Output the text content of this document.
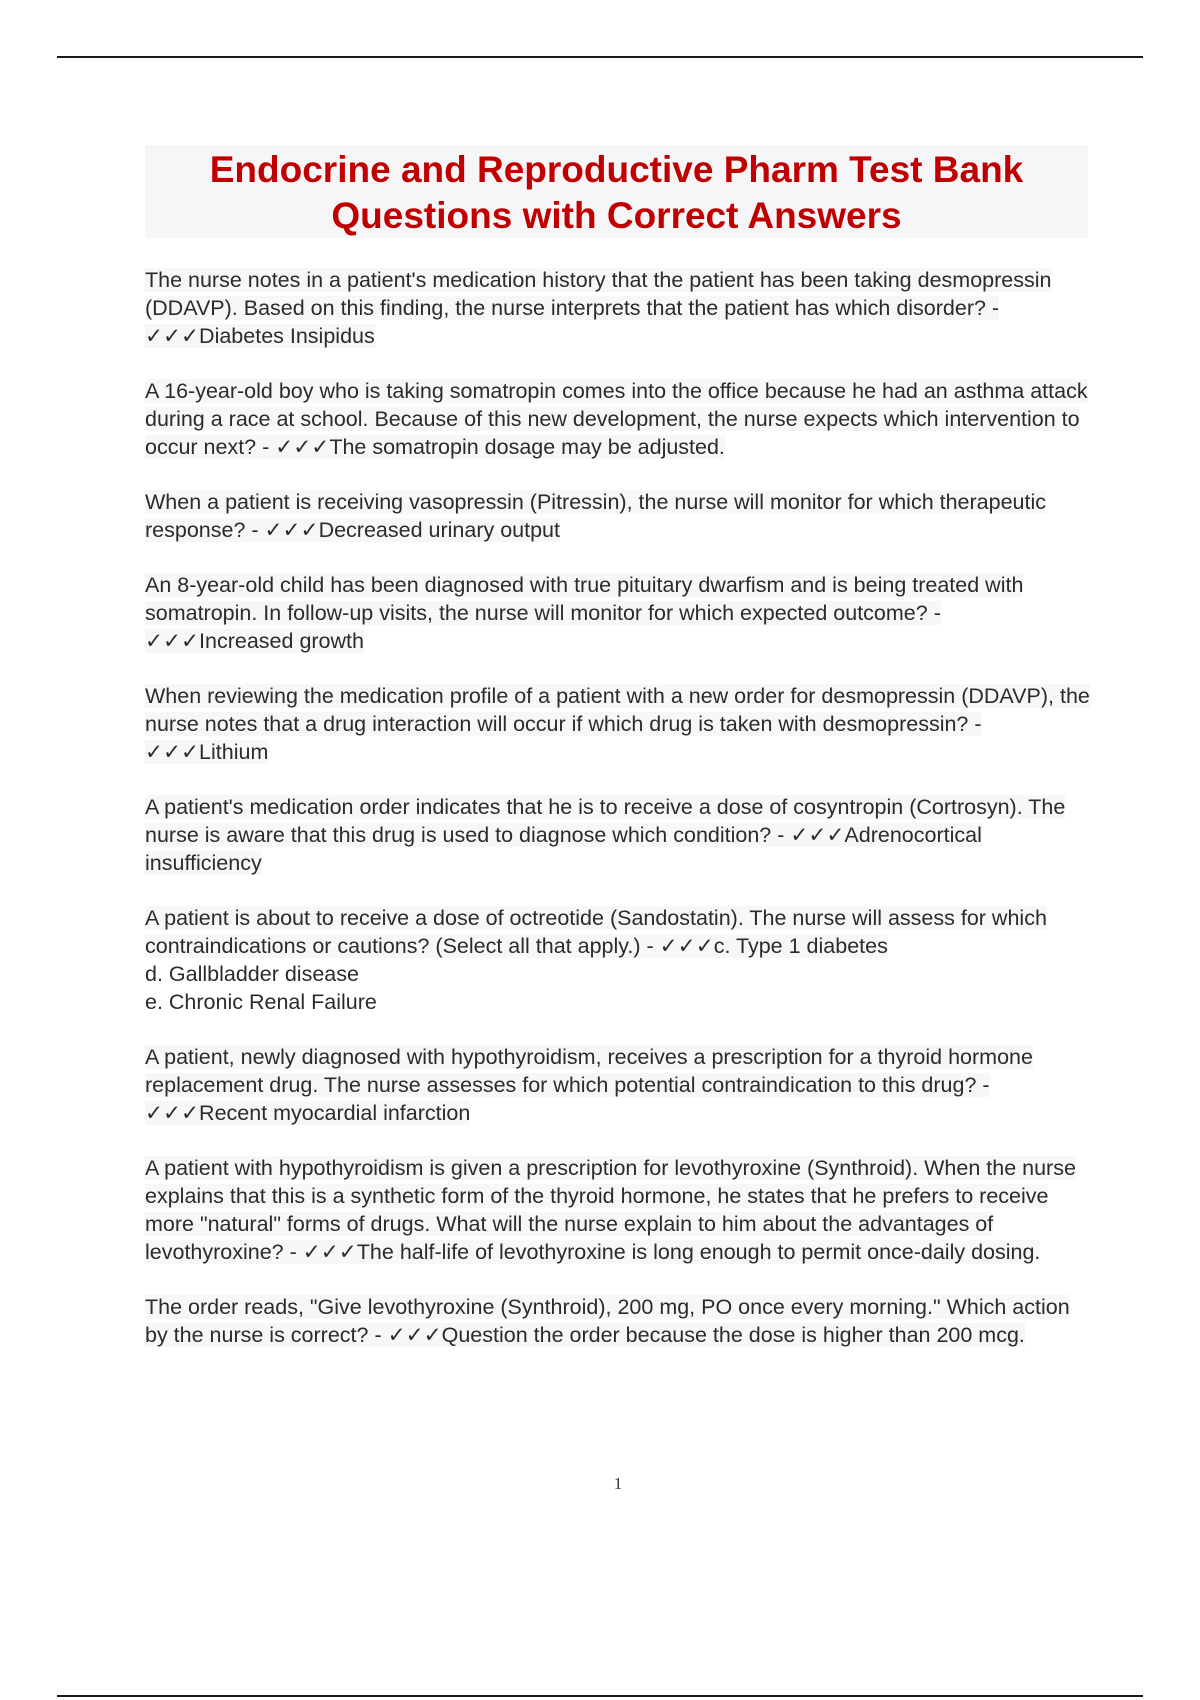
Endocrine and Reproductive Pharm Test Bank
Questions with Correct Answers
The nurse notes in a patient's medication history that the patient has been taking desmopressin (DDAVP). Based on this finding, the nurse interprets that the patient has which disorder? - ✓✓✓Diabetes Insipidus
A 16-year-old boy who is taking somatropin comes into the office because he had an asthma attack during a race at school. Because of this new development, the nurse expects which intervention to occur next? - ✓✓✓The somatropin dosage may be adjusted.
When a patient is receiving vasopressin (Pitressin), the nurse will monitor for which therapeutic response? - ✓✓✓Decreased urinary output
An 8-year-old child has been diagnosed with true pituitary dwarfism and is being treated with somatropin. In follow-up visits, the nurse will monitor for which expected outcome? - ✓✓✓Increased growth
When reviewing the medication profile of a patient with a new order for desmopressin (DDAVP), the nurse notes that a drug interaction will occur if which drug is taken with desmopressin? - ✓✓✓Lithium
A patient's medication order indicates that he is to receive a dose of cosyntropin (Cortrosyn). The nurse is aware that this drug is used to diagnose which condition? - ✓✓✓Adrenocortical insufficiency
A patient is about to receive a dose of octreotide (Sandostatin). The nurse will assess for which contraindications or cautions? (Select all that apply.) - ✓✓✓c. Type 1 diabetes
d. Gallbladder disease
e. Chronic Renal Failure
A patient, newly diagnosed with hypothyroidism, receives a prescription for a thyroid hormone replacement drug. The nurse assesses for which potential contraindication to this drug? - ✓✓✓Recent myocardial infarction
A patient with hypothyroidism is given a prescription for levothyroxine (Synthroid). When the nurse explains that this is a synthetic form of the thyroid hormone, he states that he prefers to receive more "natural" forms of drugs. What will the nurse explain to him about the advantages of levothyroxine? - ✓✓✓The half-life of levothyroxine is long enough to permit once-daily dosing.
The order reads, "Give levothyroxine (Synthroid), 200 mg, PO once every morning." Which action by the nurse is correct? - ✓✓✓Question the order because the dose is higher than 200 mcg.
1
